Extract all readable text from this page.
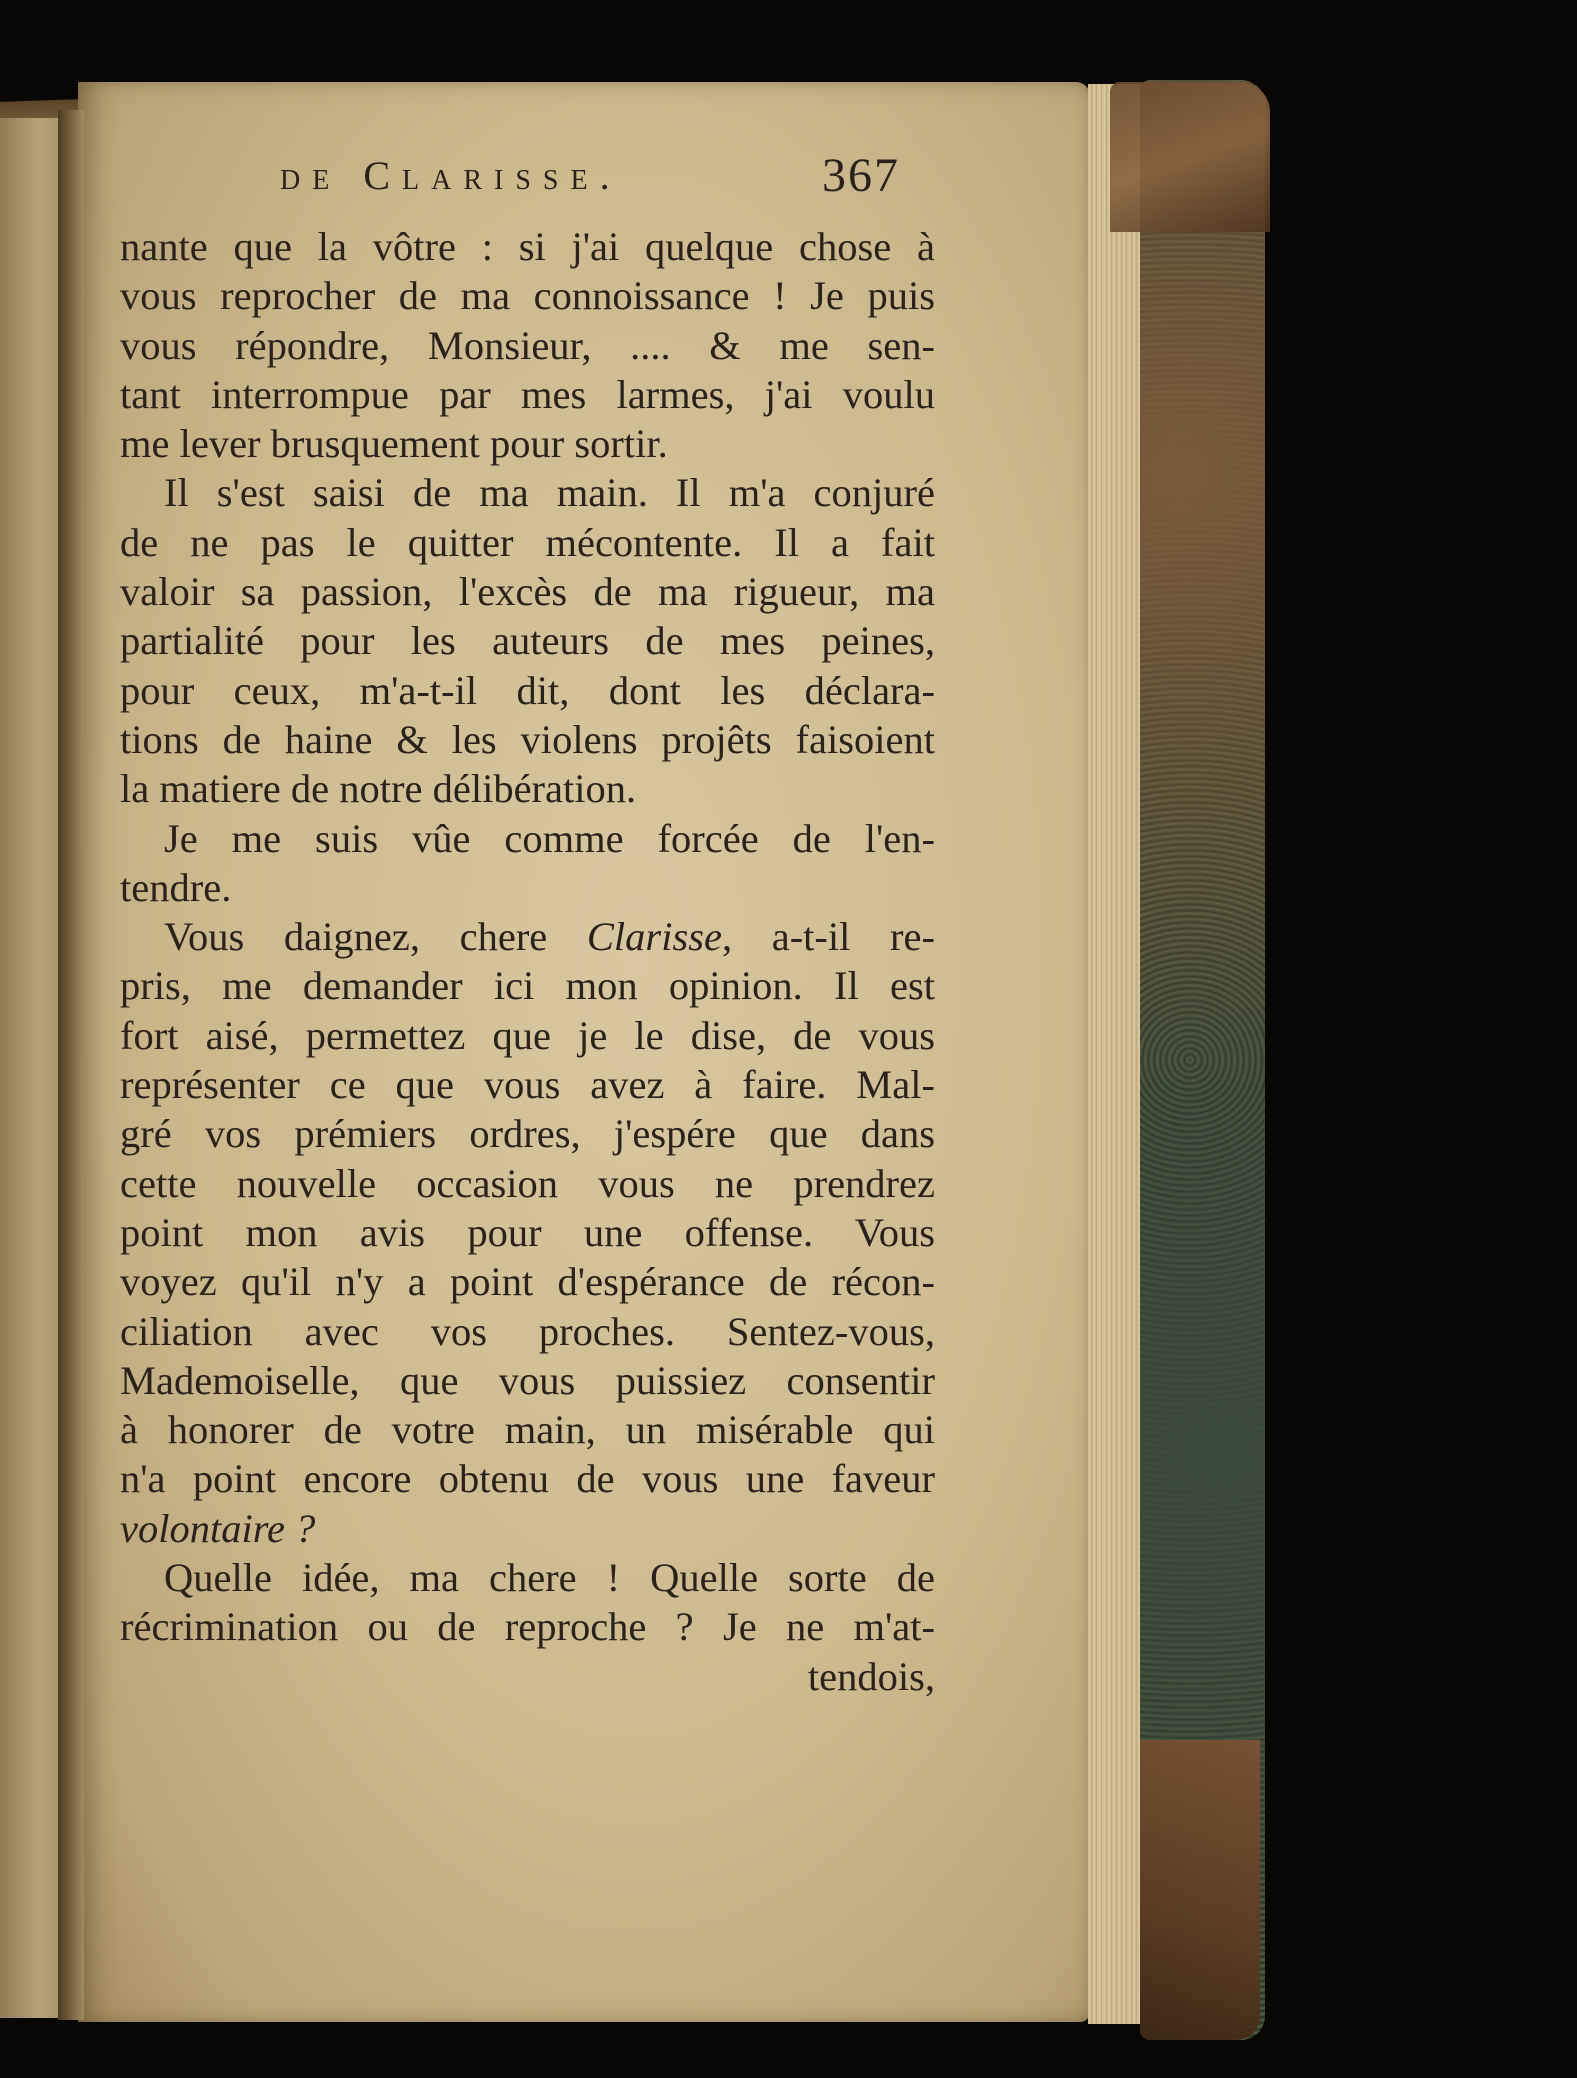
de Clarisse.	367
nante que la vôtre : si j'ai quelque chose à
vous reprocher de ma connoissance ! Je puis
vous répondre, Monsieur, .... & me sen-
tant interrompue par mes larmes, j'ai voulu
me lever brusquement pour sortir.
Il s'est saisi de ma main. Il m'a conjuré
de ne pas le quitter mécontente. Il a fait
valoir sa passion, l'excès de ma rigueur, ma
partialité pour les auteurs de mes peines,
pour ceux, m'a-t-il dit, dont les déclara-
tions de haine & les violens projêts faisoient
la matiere de notre délibération.
Je me suis vûe comme forcée de l'en-
tendre.
Vous daignez, chere Clarisse, a-t-il re-
pris, me demander ici mon opinion. Il est
fort aisé, permettez que je le dise, de vous
représenter ce que vous avez à faire. Mal-
gré vos prémiers ordres, j'espére que dans
cette nouvelle occasion vous ne prendrez
point mon avis pour une offense. Vous
voyez qu'il n'y a point d'espérance de récon-
ciliation avec vos proches. Sentez-vous,
Mademoiselle, que vous puissiez consentir
à honorer de votre main, un misérable qui
n'a point encore obtenu de vous une faveur
volontaire ?
Quelle idée, ma chere ! Quelle sorte de
récrimination ou de reproche ? Je ne m'at-
tendois,
